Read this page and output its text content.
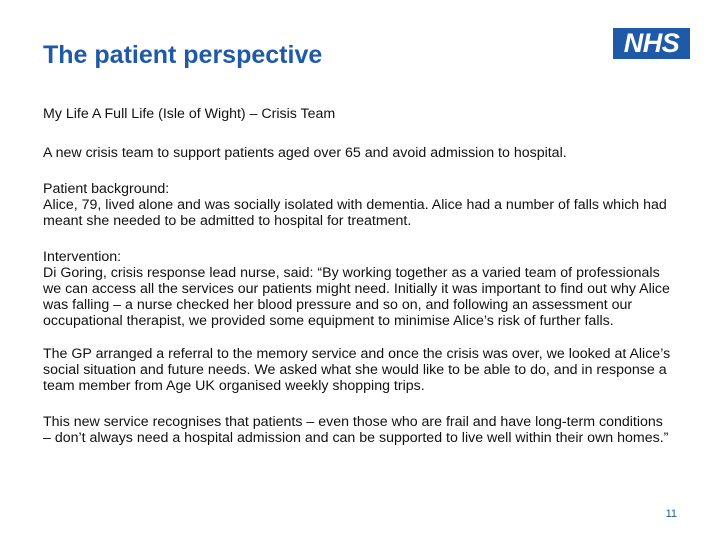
The patient perspective	NHS

My Life A Full Life (Isle of Wight) – Crisis Team

A new crisis team to support patients aged over 65 and avoid admission to hospital.

Patient background:
Alice, 79, lived alone and was socially isolated with dementia. Alice had a number of falls which had meant she needed to be admitted to hospital for treatment.

Intervention:
Di Goring, crisis response lead nurse, said: “By working together as a varied team of professionals we can access all the services our patients might need. Initially it was important to find out why Alice was falling – a nurse checked her blood pressure and so on, and following an assessment our occupational therapist, we provided some equipment to minimise Alice’s risk of further falls.

The GP arranged a referral to the memory service and once the crisis was over, we looked at Alice’s social situation and future needs. We asked what she would like to be able to do, and in response a team member from Age UK organised weekly shopping trips.

This new service recognises that patients – even those who are frail and have long-term conditions – don’t always need a hospital admission and can be supported to live well within their own homes.”

11
